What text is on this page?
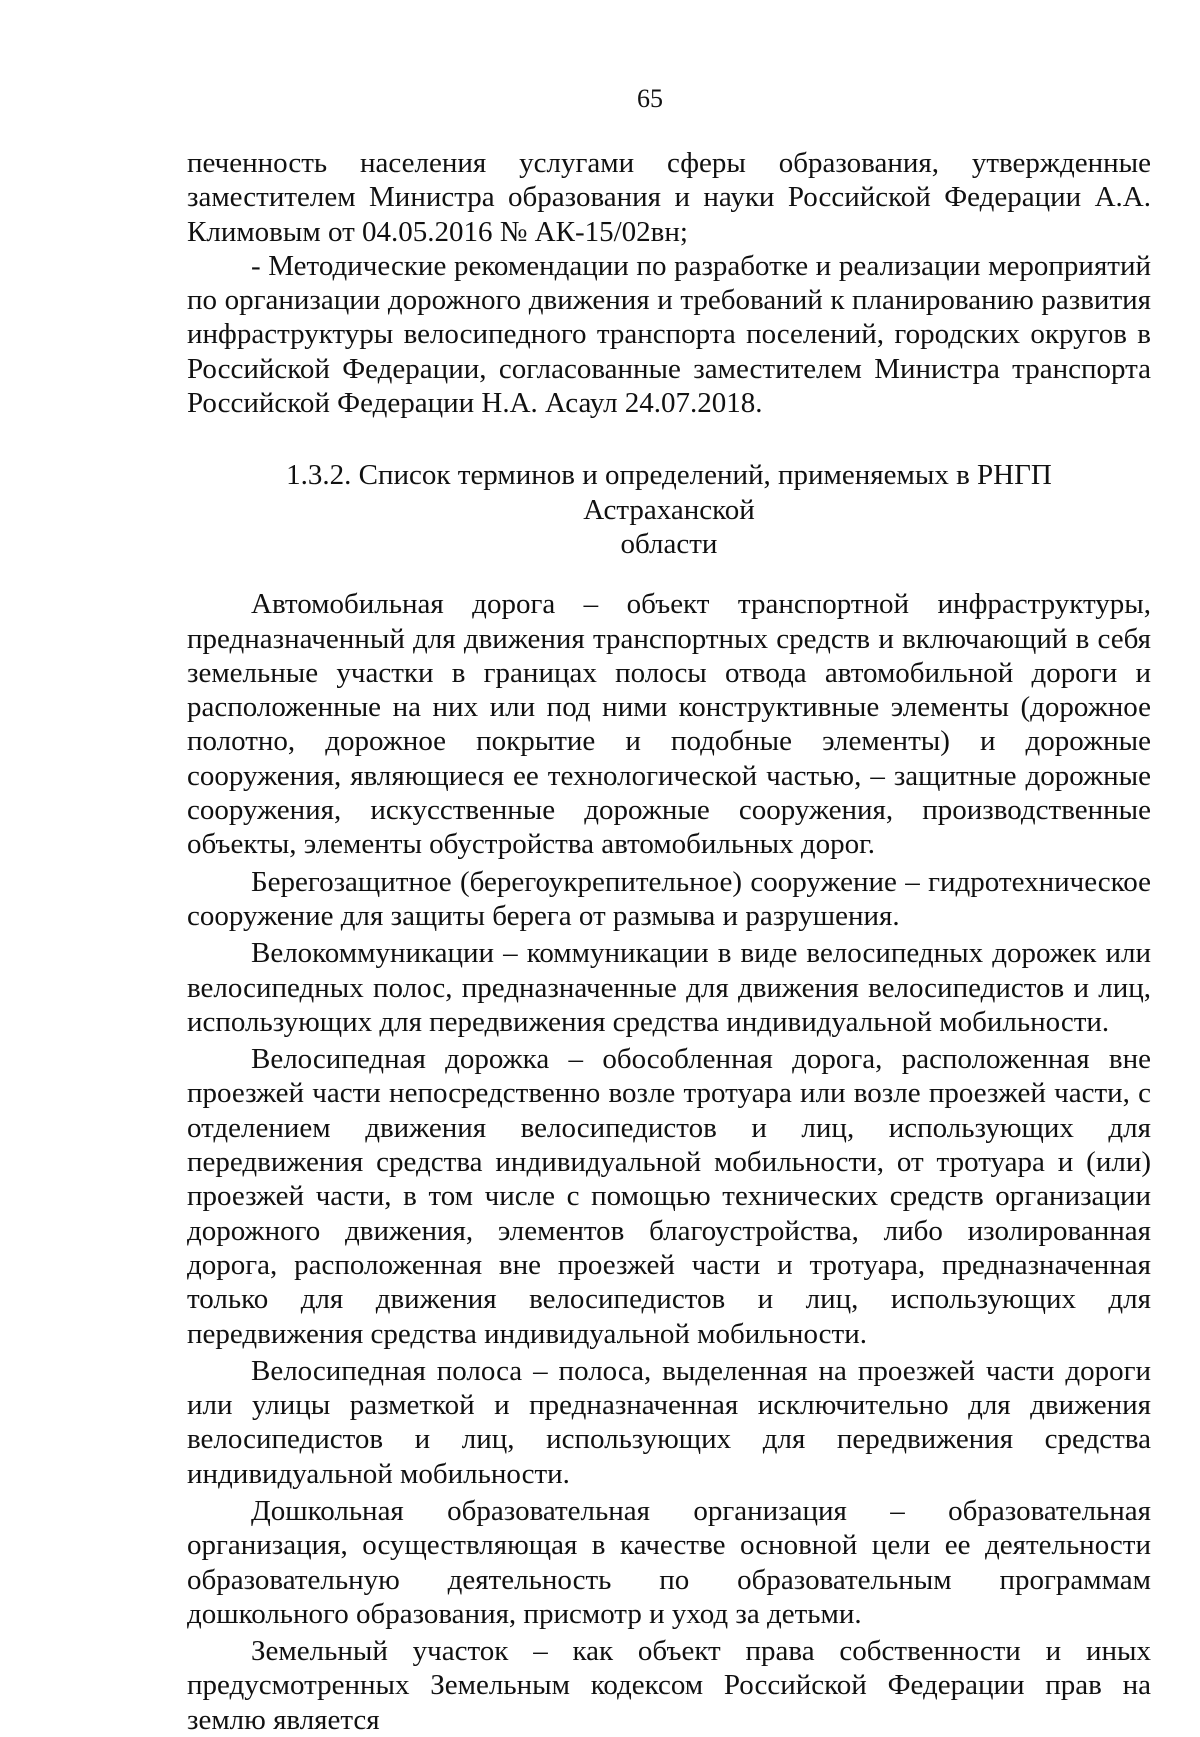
65

печенность населения услугами сферы образования, утвержденные заместителем Министра образования и науки Российской Федерации А.А. Климовым от 04.05.2016 № АК-15/02вн;

- Методические рекомендации по разработке и реализации мероприятий по организации дорожного движения и требований к планированию развития инфраструктуры велосипедного транспорта поселений, городских округов в Российской Федерации, согласованные заместителем Министра транспорта Российской Федерации Н.А. Асаул 24.07.2018.

1.3.2. Список терминов и определений, применяемых в РНГП Астраханской
области

Автомобильная дорога – объект транспортной инфраструктуры, предназначенный для движения транспортных средств и включающий в себя земельные участки в границах полосы отвода автомобильной дороги и расположенные на них или под ними конструктивные элементы (дорожное полотно, дорожное покрытие и подобные элементы) и дорожные сооружения, являющиеся ее технологической частью, – защитные дорожные сооружения, искусственные дорожные сооружения, производственные объекты, элементы обустройства автомобильных дорог.

Берегозащитное (берегоукрепительное) сооружение – гидротехническое сооружение для защиты берега от размыва и разрушения.

Велокоммуникации – коммуникации в виде велосипедных дорожек или велосипедных полос, предназначенные для движения велосипедистов и лиц, использующих для передвижения средства индивидуальной мобильности.

Велосипедная дорожка – обособленная дорога, расположенная вне проезжей части непосредственно возле тротуара или возле проезжей части, с отделением движения велосипедистов и лиц, использующих для передвижения средства индивидуальной мобильности, от тротуара и (или) проезжей части, в том числе с помощью технических средств организации дорожного движения, элементов благоустройства, либо изолированная дорога, расположенная вне проезжей части и тротуара, предназначенная только для движения велосипедистов и лиц, использующих для передвижения средства индивидуальной мобильности.

Велосипедная полоса – полоса, выделенная на проезжей части дороги или улицы разметкой и предназначенная исключительно для движения велосипедистов и лиц, использующих для передвижения средства индивидуальной мобильности.

Дошкольная образовательная организация – образовательная организация, осуществляющая в качестве основной цели ее деятельности образовательную деятельность по образовательным программам дошкольного образования, присмотр и уход за детьми.

Земельный участок – как объект права собственности и иных предусмотренных Земельным кодексом Российской Федерации прав на землю является
